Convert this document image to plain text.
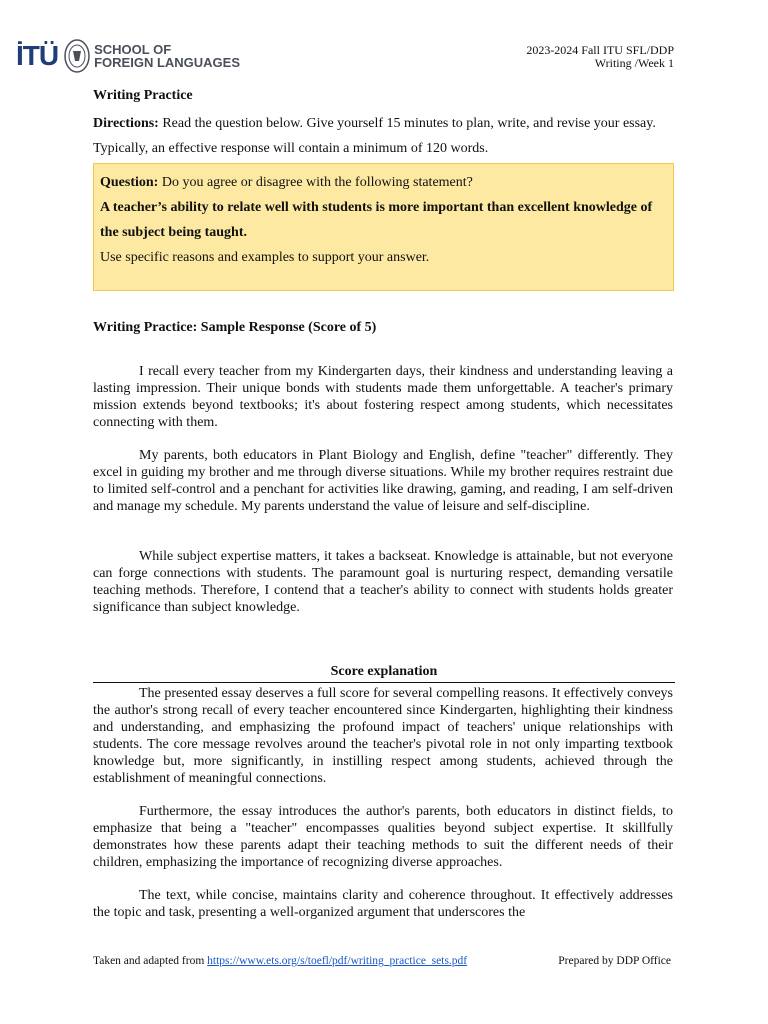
İTÜ	SCHOOL OF
FOREIGN LANGUAGES
2023-2024 Fall ITU SFL/DDP
Writing /Week 1
Writing Practice
Directions: Read the question below. Give yourself 15 minutes to plan, write, and revise your essay. Typically, an effective response will contain a minimum of 120 words.
Question: Do you agree or disagree with the following statement?
A teacher’s ability to relate well with students is more important than excellent knowledge of the subject being taught.
Use specific reasons and examples to support your answer.
Writing Practice: Sample Response (Score of 5)

I recall every teacher from my Kindergarten days, their kindness and understanding leaving a lasting impression. Their unique bonds with students made them unforgettable. A teacher's primary mission extends beyond textbooks; it's about fostering respect among students, which necessitates connecting with them.

My parents, both educators in Plant Biology and English, define "teacher" differently. They excel in guiding my brother and me through diverse situations. While my brother requires restraint due to limited self-control and a penchant for activities like drawing, gaming, and reading, I am self-driven and manage my schedule. My parents understand the value of leisure and self-discipline.

While subject expertise matters, it takes a backseat. Knowledge is attainable, but not everyone can forge connections with students. The paramount goal is nurturing respect, demanding versatile teaching methods. Therefore, I contend that a teacher's ability to connect with students holds greater significance than subject knowledge.

Score explanation

The presented essay deserves a full score for several compelling reasons. It effectively conveys the author's strong recall of every teacher encountered since Kindergarten, highlighting their kindness and understanding, and emphasizing the profound impact of teachers' unique relationships with students. The core message revolves around the teacher's pivotal role in not only imparting textbook knowledge but, more significantly, in instilling respect among students, achieved through the establishment of meaningful connections.

Furthermore, the essay introduces the author's parents, both educators in distinct fields, to emphasize that being a "teacher" encompasses qualities beyond subject expertise. It skillfully demonstrates how these parents adapt their teaching methods to suit the different needs of their children, emphasizing the importance of recognizing diverse approaches.

The text, while concise, maintains clarity and coherence throughout. It effectively addresses the topic and task, presenting a well-organized argument that underscores the

Taken and adapted from https://www.ets.org/s/toefl/pdf/writing_practice_sets.pdf	Prepared by DDP Office
